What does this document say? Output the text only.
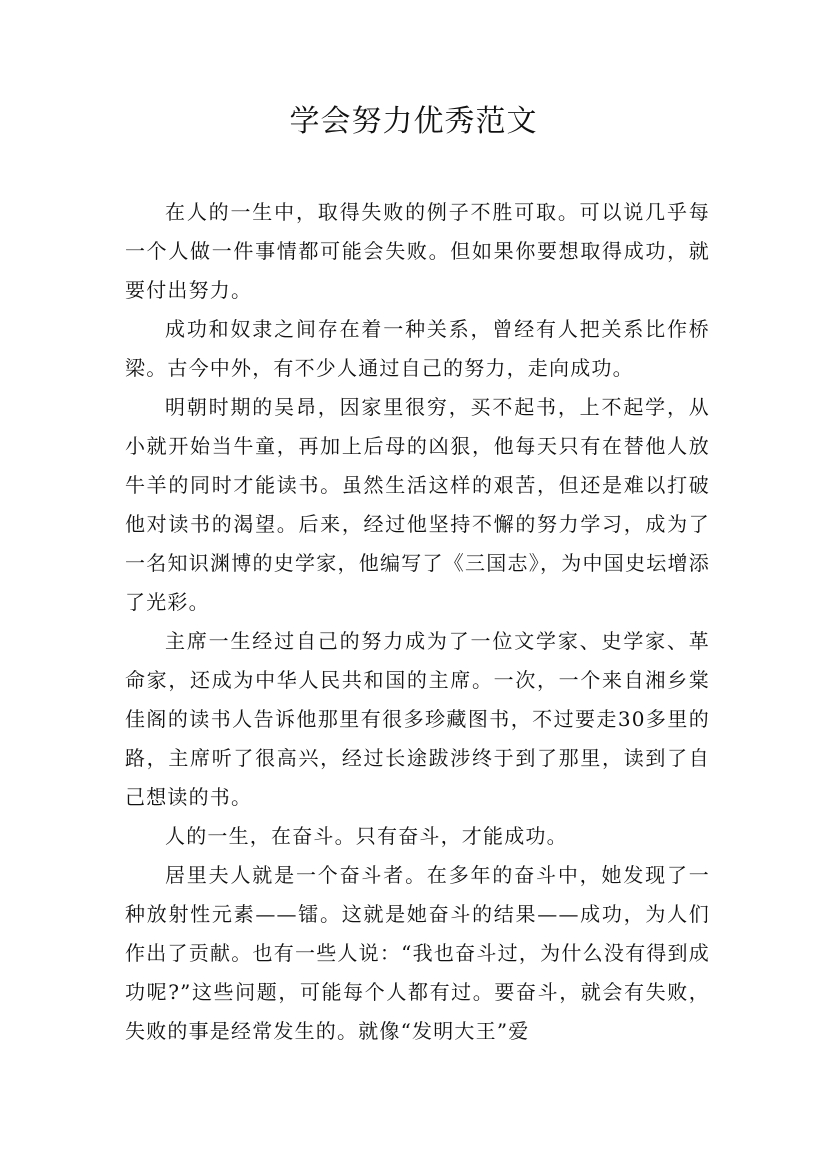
学会努力优秀范文

在人的一生中，取得失败的例子不胜可取。可以说几乎每一个人做一件事情都可能会失败。但如果你要想取得成功，就要付出努力。

成功和奴隶之间存在着一种关系，曾经有人把关系比作桥梁。古今中外，有不少人通过自己的努力，走向成功。

明朝时期的吴昂，因家里很穷，买不起书，上不起学，从小就开始当牛童，再加上后母的凶狠，他每天只有在替他人放牛羊的同时才能读书。虽然生活这样的艰苦，但还是难以打破他对读书的渴望。后来，经过他坚持不懈的努力学习，成为了一名知识渊博的史学家，他编写了《三国志》，为中国史坛增添了光彩。

主席一生经过自己的努力成为了一位文学家、史学家、革命家，还成为中华人民共和国的主席。一次，一个来自湘乡棠佳阁的读书人告诉他那里有很多珍藏图书，不过要走30多里的路，主席听了很高兴，经过长途跋涉终于到了那里，读到了自己想读的书。

人的一生，在奋斗。只有奋斗，才能成功。

居里夫人就是一个奋斗者。在多年的奋斗中，她发现了一种放射性元素——镭。这就是她奋斗的结果——成功，为人们作出了贡献。也有一些人说：“我也奋斗过，为什么没有得到成功呢?”这些问题，可能每个人都有过。要奋斗，就会有失败，失败的事是经常发生的。就像“发明大王”爱
